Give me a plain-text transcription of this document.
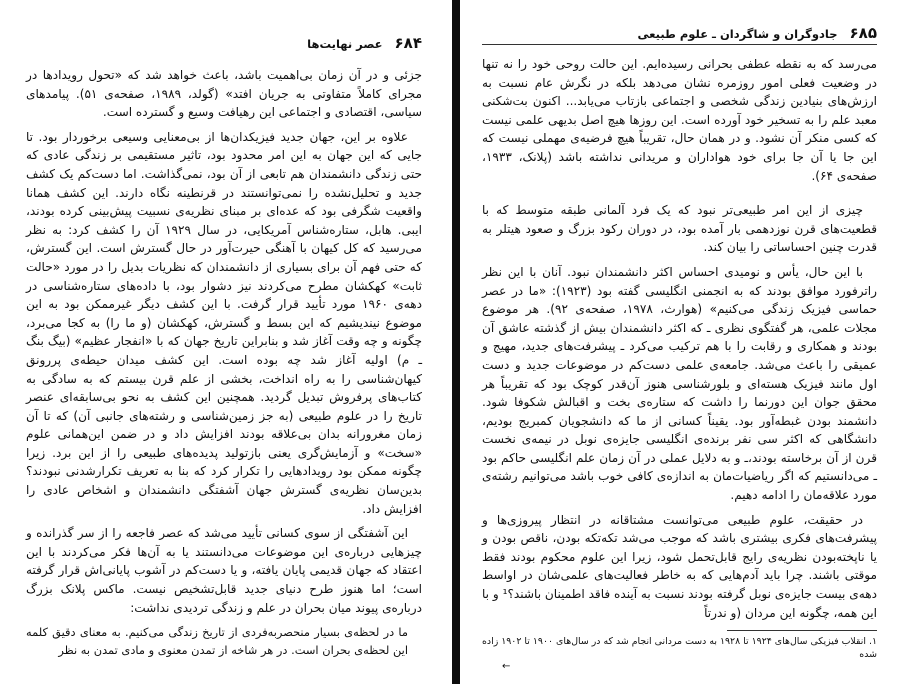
۶۸۴
عصر نهایت‌ها

جزئی و در آن زمان بی‌اهمیت باشد، باعث خواهد شد که «تحول رویدادها در مجرای کاملاً متفاوتی به جریان افتد» (گولد، ۱۹۸۹، صفحه‌ی ۵۱). پیامدهای سیاسی، اقتصادی و اجتماعی این رهیافت وسیع و گسترده است.

علاوه بر این، جهان جدید فیزیکدان‌ها از بی‌معنایی وسیعی برخوردار بود. تا جایی که این جهان به این امر محدود بود، تاثیر مستقیمی بر زندگی عادی که حتی زندگی دانشمندان هم تابعی از آن بود، نمی‌گذاشت. اما دست‌کم یک کشف جدید و تحلیل‌نشده را نمی‌توانستند در قرنطینه نگاه دارند. این کشف همانا واقعیت شگرفی بود که عده‌ای بر مبنای نظریه‌ی نسبیت پیش‌بینی کرده بودند، ایبی. هابل، ستاره‌شناس آمریکایی، در سال ۱۹۲۹ آن را کشف کرد: به نظر می‌رسید که کل کیهان با آهنگی حیرت‌آور در حال گسترش است. این گسترش، که حتی فهم آن برای بسیاری از دانشمندان که نظریات بدیل را در مورد «حالت ثابت» کهکشان مطرح می‌کردند نیز دشوار بود، با داده‌های ستاره‌شناسی در دهه‌ی ۱۹۶۰ مورد تأیید قرار گرفت. با این کشف دیگر غیرممکن بود به این موضوع نیندیشیم که این بسط و گسترش، کهکشان (و ما را) به کجا می‌برد، چگونه و چه وقت آغاز شد و بنابراین تاریخ جهان که با «انفجار عظیم» (بیگ بنگ ـ م) اولیه آغاز شد چه بوده است. این کشف میدان حیطه‌ی پررونق کیهان‌شناسی را به راه انداخت، بخشی از علم قرن بیستم که به سادگی به کتاب‌های پرفروش تبدیل گردید. همچنین این کشف به نحو بی‌سابقه‌ای عنصر تاریخ را در علوم طبیعی (به جز زمین‌شناسی و رشته‌های جانبی آن) که تا آن زمان مغرورانه بدان بی‌علاقه بودند افزایش داد و در ضمن این‌همانی علوم «سخت» و آزمایش‌گری یعنی بازتولید پدیده‌های طبیعی را از این برد. زیرا چگونه ممکن بود رویدادهایی را تکرار کرد که بنا به تعریف تکرارشدنی نبودند؟ بدین‌سان نظریه‌ی گسترش جهان آشفتگی دانشمندان و اشخاص عادی را افزایش داد.

این آشفتگی از سوی کسانی تأیید می‌شد که عصر فاجعه را از سر گذرانده و چیزهایی درباره‌ی این موضوعات می‌دانستند یا به آن‌ها فکر می‌کردند با این اعتقاد که جهان قدیمی پایان یافته، و یا دست‌کم در آشوب پایانی‌اش قرار گرفته است؛ اما هنوز طرح دنیای جدید قابل‌تشخیص نیست. ماکس پلانک بزرگ درباره‌ی پیوند میان بحران در علم و زندگی تردیدی نداشت:

ما در لحظه‌ی بسیار منحصربه‌فردی از تاریخ زندگی می‌کنیم. به معنای دقیق کلمه این لحظه‌ی بحران است. در هر شاخه از تمدن معنوی و مادی تمدن به نظر
۶۸۵
جادوگران و شاگردان ـ علوم طبیعی

می‌رسد که به نقطه عطفی بحرانی رسیده‌ایم. این حالت روحی خود را نه تنها در وضعیت فعلی امور روزمره نشان می‌دهد بلکه در نگرش عام نسبت به ارزش‌های بنیادین زندگی شخصی و اجتماعی بازتاب می‌یابد... اکنون بت‌شکنی معبد علم را به تسخیر خود آورده است. این روزها هیچ اصل بدیهی علمی نیست که کسی منکر آن نشود. و در همان حال، تقریباً هیچ فرضیه‌ی مهملی نیست که این جا یا آن جا برای خود هواداران و مریدانی نداشته باشد (پلانک، ۱۹۳۳، صفحه‌ی ۶۴).

چیزی از این امر طبیعی‌تر نبود که یک فرد آلمانی طبقه متوسط که با قطعیت‌های قرن نوزدهمی بار آمده بود، در دوران رکود بزرگ و صعود هیتلر به قدرت چنین احساساتی را بیان کند.

با این حال، یأس و نومیدی احساس اکثر دانشمندان نبود. آنان با این نظر راترفورد موافق بودند که به انجمنی انگلیسی گفته بود (۱۹۲۳): «ما در عصر حماسی فیزیک زندگی می‌کنیم» (هوارث، ۱۹۷۸، صفحه‌ی ۹۲). هر موضوع مجلات علمی، هر گفتگوی نظری ـ که اکثر دانشمندان بیش از گذشته عاشق آن بودند و همکاری و رقابت را با هم ترکیب می‌کرد ـ پیشرفت‌های جدید، مهیج و عمیقی را باعث می‌شد. جامعه‌ی علمی دست‌کم در موضوعات جدید و دست اول مانند فیزیک هسته‌ای و بلورشناسی هنوز آن‌قدر کوچک بود که تقریباً هر محقق جوان این دورنما را داشت که ستاره‌ی بخت و اقبالش شکوفا شود. دانشمند بودن غبطه‌آور بود. یقیناً کسانی از ما که دانشجویان کمبریج بودیم، دانشگاهی که اکثر سی نفر برنده‌ی انگلیسی جایزه‌ی نوبل در نیمه‌ی نخست قرن از آن برخاسته بودند،ـ و به دلایل عملی در آن زمان علم انگلیسی حاکم بود ـ می‌دانستیم که اگر ریاضیات‌مان به اندازه‌ی کافی خوب باشد می‌توانیم رشته‌ی مورد علاقه‌مان را ادامه دهیم.

در حقیقت، علوم طبیعی می‌توانست مشتاقانه در انتظار پیروزی‌ها و پیشرفت‌های فکری بیشتری باشد که موجب می‌شد تکه‌تکه بودن، ناقص بودن و یا ناپخته‌بودن نظریه‌ی رایج قابل‌تحمل شود، زیرا این علوم محکوم بودند فقط موقتی باشند. چرا باید آدم‌هایی که به خاطر فعالیت‌های علمی‌شان در اواسط دهه‌ی بیست جایزه‌ی نوبل گرفته بودند نسبت به آینده فاقد اطمینان باشند؟¹ و با این همه، چگونه این مردان (و ندرتاً

۱. انقلاب فیزیکی سال‌های ۱۹۲۴ تا ۱۹۲۸ به دست مردانی انجام شد که در سال‌های ۱۹۰۰ تا ۱۹۰۲ زاده شده

←
